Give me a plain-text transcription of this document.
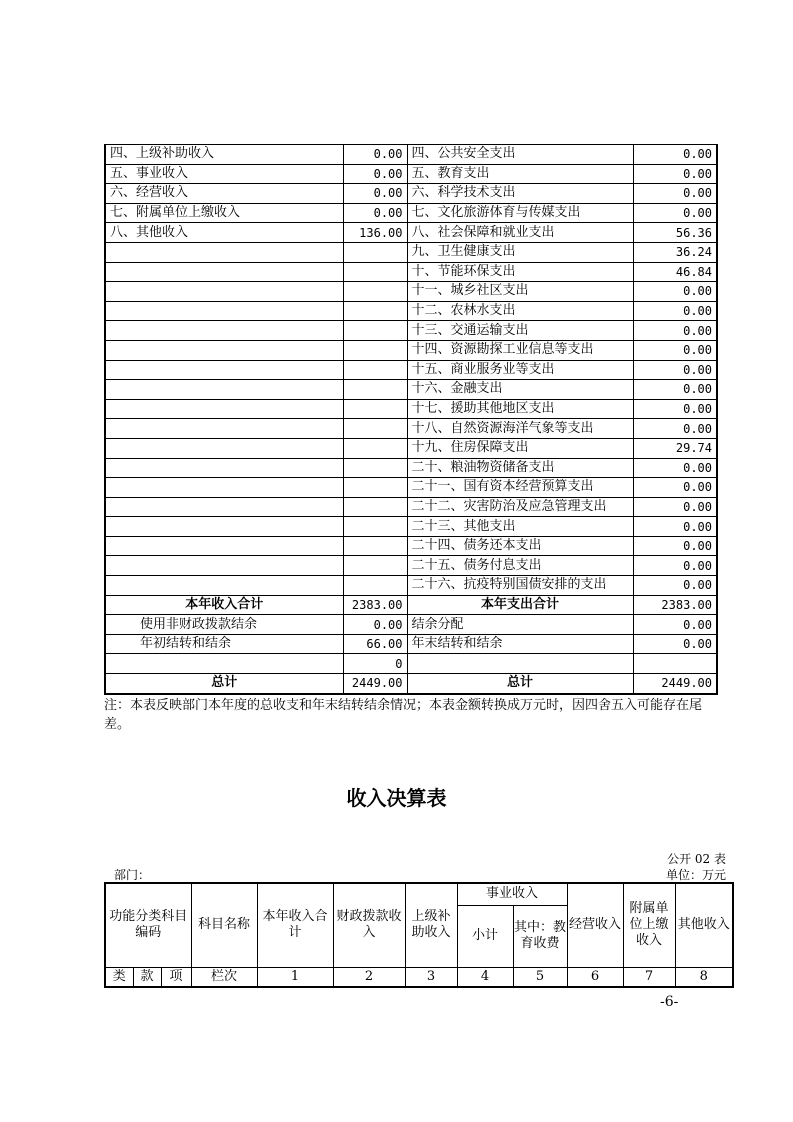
四、上级补助收入	0.00	四、公共安全支出	0.00
五、事业收入	0.00	五、教育支出	0.00
六、经营收入	0.00	六、科学技术支出	0.00
七、附属单位上缴收入	0.00	七、文化旅游体育与传媒支出	0.00
八、其他收入	136.00	八、社会保障和就业支出	56.36
		九、卫生健康支出	36.24
		十、节能环保支出	46.84
		十一、城乡社区支出	0.00
		十二、农林水支出	0.00
		十三、交通运输支出	0.00
		十四、资源勘探工业信息等支出	0.00
		十五、商业服务业等支出	0.00
		十六、金融支出	0.00
		十七、援助其他地区支出	0.00
		十八、自然资源海洋气象等支出	0.00
		十九、住房保障支出	29.74
		二十、粮油物资储备支出	0.00
		二十一、国有资本经营预算支出	0.00
		二十二、灾害防治及应急管理支出	0.00
		二十三、其他支出	0.00
		二十四、债务还本支出	0.00
		二十五、债务付息支出	0.00
		二十六、抗疫特别国债安排的支出	0.00
本年收入合计	2383.00	本年支出合计	2383.00
使用非财政拨款结余	0.00	结余分配	0.00
年初结转和结余	66.00	年末结转和结余	0.00
	0		
总计	2449.00	总计	2449.00
注：本表反映部门本年度的总收支和年末结转结余情况；本表金额转换成万元时，因四舍五入可能存在尾差。
收入决算表
公开 02 表
部门：	单位：万元
功能分类科目编码			科目名称	本年收入合计	财政拨款收入	上级补助收入	事业收入		经营收入	附属单位上缴收入	其他收入
							小计	其中：教育收费			
类	款	项	栏次	1	2	3	4	5	6	7	8
-6-
